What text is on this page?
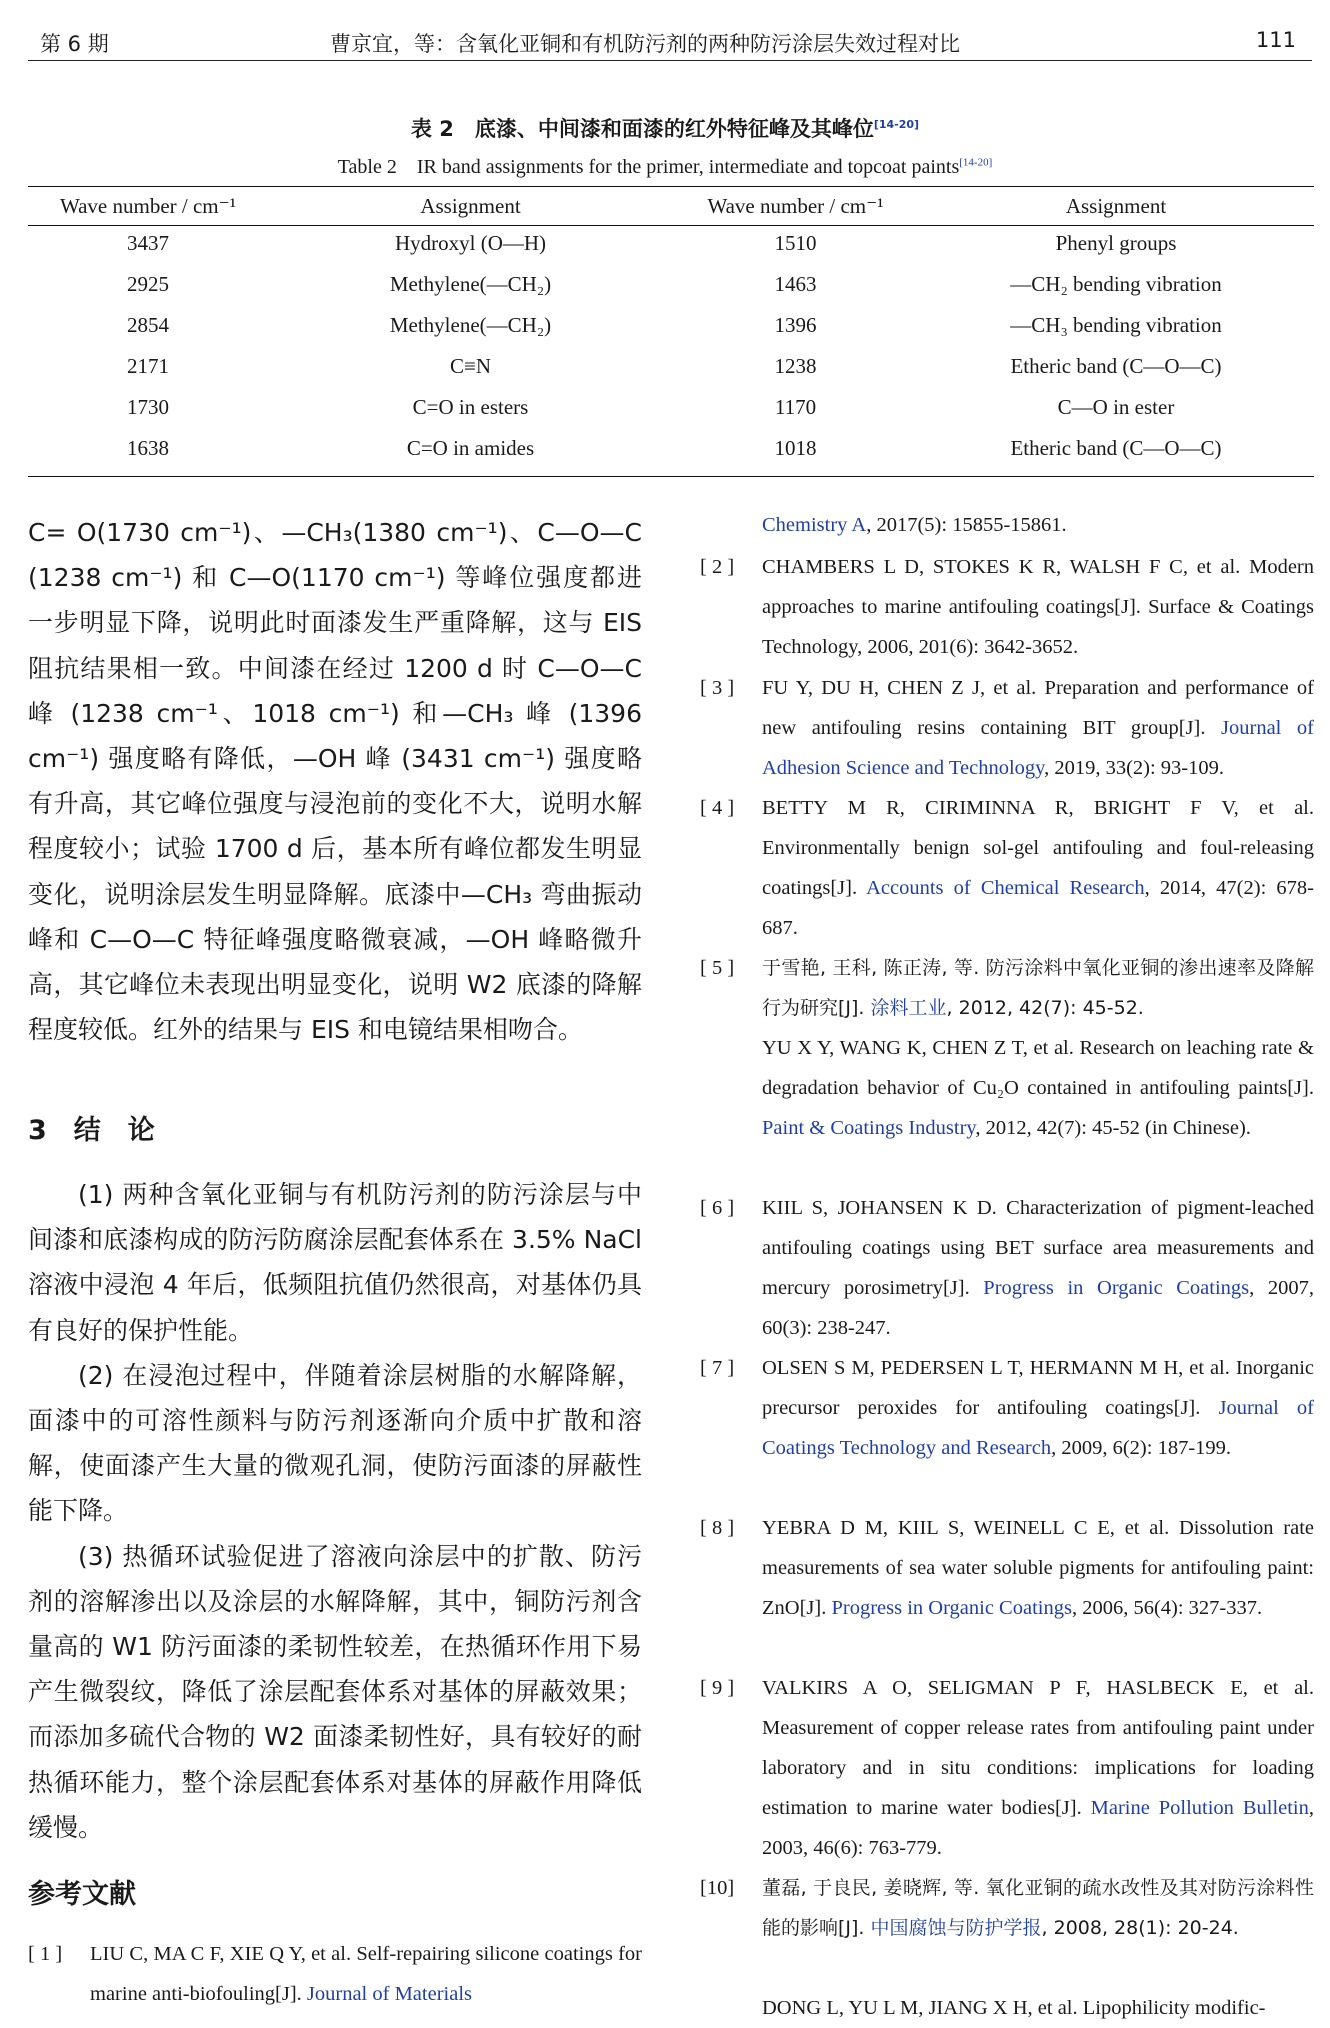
第 6 期	曹京宜，等：含氧化亚铜和有机防污剂的两种防污涂层失效过程对比	111
表 2　底漆、中间漆和面漆的红外特征峰及其峰位[14-20]
Table 2　IR band assignments for the primer, intermediate and topcoat paints[14-20]
Wave number / cm⁻¹	Assignment	Wave number / cm⁻¹	Assignment
3437	Hydroxyl (O—H)	1510	Phenyl groups
2925	Methylene(—CH₂)	1463	—CH₂ bending vibration
2854	Methylene(—CH₂)	1396	—CH₃ bending vibration
2171	C≡N	1238	Etheric band (C—O—C)
1730	C=O in esters	1170	C—O in ester
1638	C=O in amides	1018	Etheric band (C—O—C)

C= O(1730 cm⁻¹)、—CH₃(1380 cm⁻¹)、C—O—C (1238 cm⁻¹) 和 C—O(1170 cm⁻¹) 等峰位强度都进一步明显下降，说明此时面漆发生严重降解，这与 EIS 阻抗结果相一致。中间漆在经过 1200 d 时 C—O—C 峰 (1238 cm⁻¹、1018 cm⁻¹) 和—CH₃ 峰 (1396 cm⁻¹) 强度略有降低，—OH 峰 (3431 cm⁻¹) 强度略有升高，其它峰位强度与浸泡前的变化不大，说明水解程度较小；试验 1700 d 后，基本所有峰位都发生明显变化，说明涂层发生明显降解。底漆中—CH₃ 弯曲振动峰和 C—O—C 特征峰强度略微衰减，—OH 峰略微升高，其它峰位未表现出明显变化，说明 W2 底漆的降解程度较低。红外的结果与 EIS 和电镜结果相吻合。

3　结　论

(1) 两种含氧化亚铜与有机防污剂的防污涂层与中间漆和底漆构成的防污防腐涂层配套体系在 3.5% NaCl 溶液中浸泡 4 年后，低频阻抗值仍然很高，对基体仍具有良好的保护性能。

(2) 在浸泡过程中，伴随着涂层树脂的水解降解，面漆中的可溶性颜料与防污剂逐渐向介质中扩散和溶解，使面漆产生大量的微观孔洞，使防污面漆的屏蔽性能下降。

(3) 热循环试验促进了溶液向涂层中的扩散、防污剂的溶解渗出以及涂层的水解降解，其中，铜防污剂含量高的 W1 防污面漆的柔韧性较差，在热循环作用下易产生微裂纹，降低了涂层配套体系对基体的屏蔽效果；而添加多硫代合物的 W2 面漆柔韧性好，具有较好的耐热循环能力，整个涂层配套体系对基体的屏蔽作用降低缓慢。

参考文献
[ 1 ] LIU C, MA C F, XIE Q Y, et al. Self-repairing silicone coatings for marine anti-biofouling[J]. Journal of Materials
Chemistry A, 2017(5): 15855-15861.
[ 2 ] CHAMBERS L D, STOKES K R, WALSH F C, et al. Modern approaches to marine antifouling coatings[J]. Surface & Coatings Technology, 2006, 201(6): 3642-3652.
[ 3 ] FU Y, DU H, CHEN Z J, et al. Preparation and performance of new antifouling resins containing BIT group[J]. Journal of Adhesion Science and Technology, 2019, 33(2): 93-109.
[ 4 ] BETTY M R, CIRIMINNA R, BRIGHT F V, et al. Environmentally benign sol-gel antifouling and foul-releasing coatings[J]. Accounts of Chemical Research, 2014, 47(2): 678-687.
[ 5 ] 于雪艳, 王科, 陈正涛, 等. 防污涂料中氧化亚铜的渗出速率及降解行为研究[J]. 涂料工业, 2012, 42(7): 45-52.
YU X Y, WANG K, CHEN Z T, et al. Research on leaching rate & degradation behavior of Cu₂O contained in antifouling paints[J]. Paint & Coatings Industry, 2012, 42(7): 45-52 (in Chinese).
[ 6 ] KIIL S, JOHANSEN K D. Characterization of pigment-leached antifouling coatings using BET surface area measurements and mercury porosimetry[J]. Progress in Organic Coatings, 2007, 60(3): 238-247.
[ 7 ] OLSEN S M, PEDERSEN L T, HERMANN M H, et al. Inorganic precursor peroxides for antifouling coatings[J]. Journal of Coatings Technology and Research, 2009, 6(2): 187-199.
[ 8 ] YEBRA D M, KIIL S, WEINELL C E, et al. Dissolution rate measurements of sea water soluble pigments for antifouling paint: ZnO[J]. Progress in Organic Coatings, 2006, 56(4): 327-337.
[ 9 ] VALKIRS A O, SELIGMAN P F, HASLBECK E, et al. Measurement of copper release rates from antifouling paint under laboratory and in situ conditions: implications for loading estimation to marine water bodies[J]. Marine Pollution Bulletin, 2003, 46(6): 763-779.
[10] 董磊, 于良民, 姜晓辉, 等. 氧化亚铜的疏水改性及其对防污涂料性能的影响[J]. 中国腐蚀与防护学报, 2008, 28(1): 20-24.
DONG L, YU L M, JIANG X H, et al. Lipophilicity modific-
